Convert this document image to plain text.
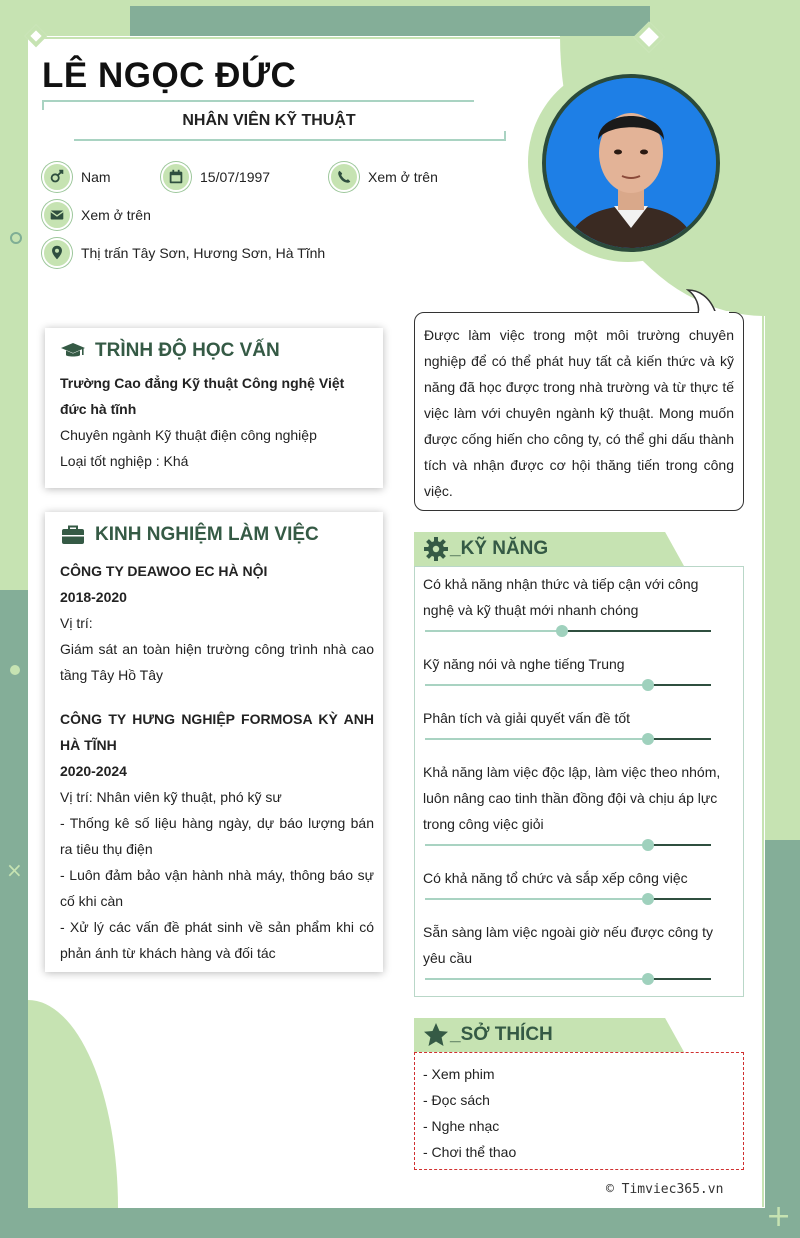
LÊ NGỌC ĐỨC
NHÂN VIÊN KỸ THUẬT
Nam	15/07/1997	Xem ở trên
Xem ở trên
Thị trấn Tây Sơn, Hương Sơn, Hà Tĩnh
TRÌNH ĐỘ HỌC VẤN

Trường Cao đẳng Kỹ thuật Công nghệ Việt đức hà tĩnh

Chuyên ngành Kỹ thuật điện công nghiệp

Loại tốt nghiệp : Khá

KINH NGHIỆM LÀM VIỆC

CÔNG TY DEAWOO EC HÀ NỘI

2018-2020

Vị trí:

Giám sát an toàn hiện trường công trình nhà cao tầng Tây Hồ Tây

CÔNG TY HƯNG NGHIỆP FORMOSA KỲ ANH HÀ TĨNH

2020-2024

Vị trí: Nhân viên kỹ thuật, phó kỹ sư

- Thống kê số liệu hàng ngày, dự báo lượng bán ra tiêu thụ điện

- Luôn đảm bảo vận hành nhà máy, thông báo sự cố khi càn

- Xử lý các vấn đề phát sinh về sản phẩm khi có phản ánh từ khách hàng và đối tác

Được làm việc trong một môi trường chuyên nghiệp để có thể phát huy tất cả kiến thức và kỹ năng đã học được trong nhà trường và từ thực tế việc làm với chuyên ngành kỹ thuật. Mong muốn được cống hiến cho công ty, có thể ghi dấu thành tích và nhận được cơ hội thăng tiến trong công việc.
_KỸ NĂNG
Có khả năng nhận thức và tiếp cận với công nghệ và kỹ thuật mới nhanh chóng
Kỹ năng nói và nghe tiếng Trung
Phân tích và giải quyết vấn đề tốt
Khả năng làm việc độc lập, làm việc theo nhóm, luôn nâng cao tinh thần đồng đội và chịu áp lực trong công việc giỏi
Có khả năng tổ chức và sắp xếp công việc
Sẵn sàng làm việc ngoài giờ nếu được công ty yêu cầu
_SỞ THÍCH
- Xem phim
- Đọc sách
- Nghe nhạc
- Chơi thể thao
×
+
© Timviec365.vn
